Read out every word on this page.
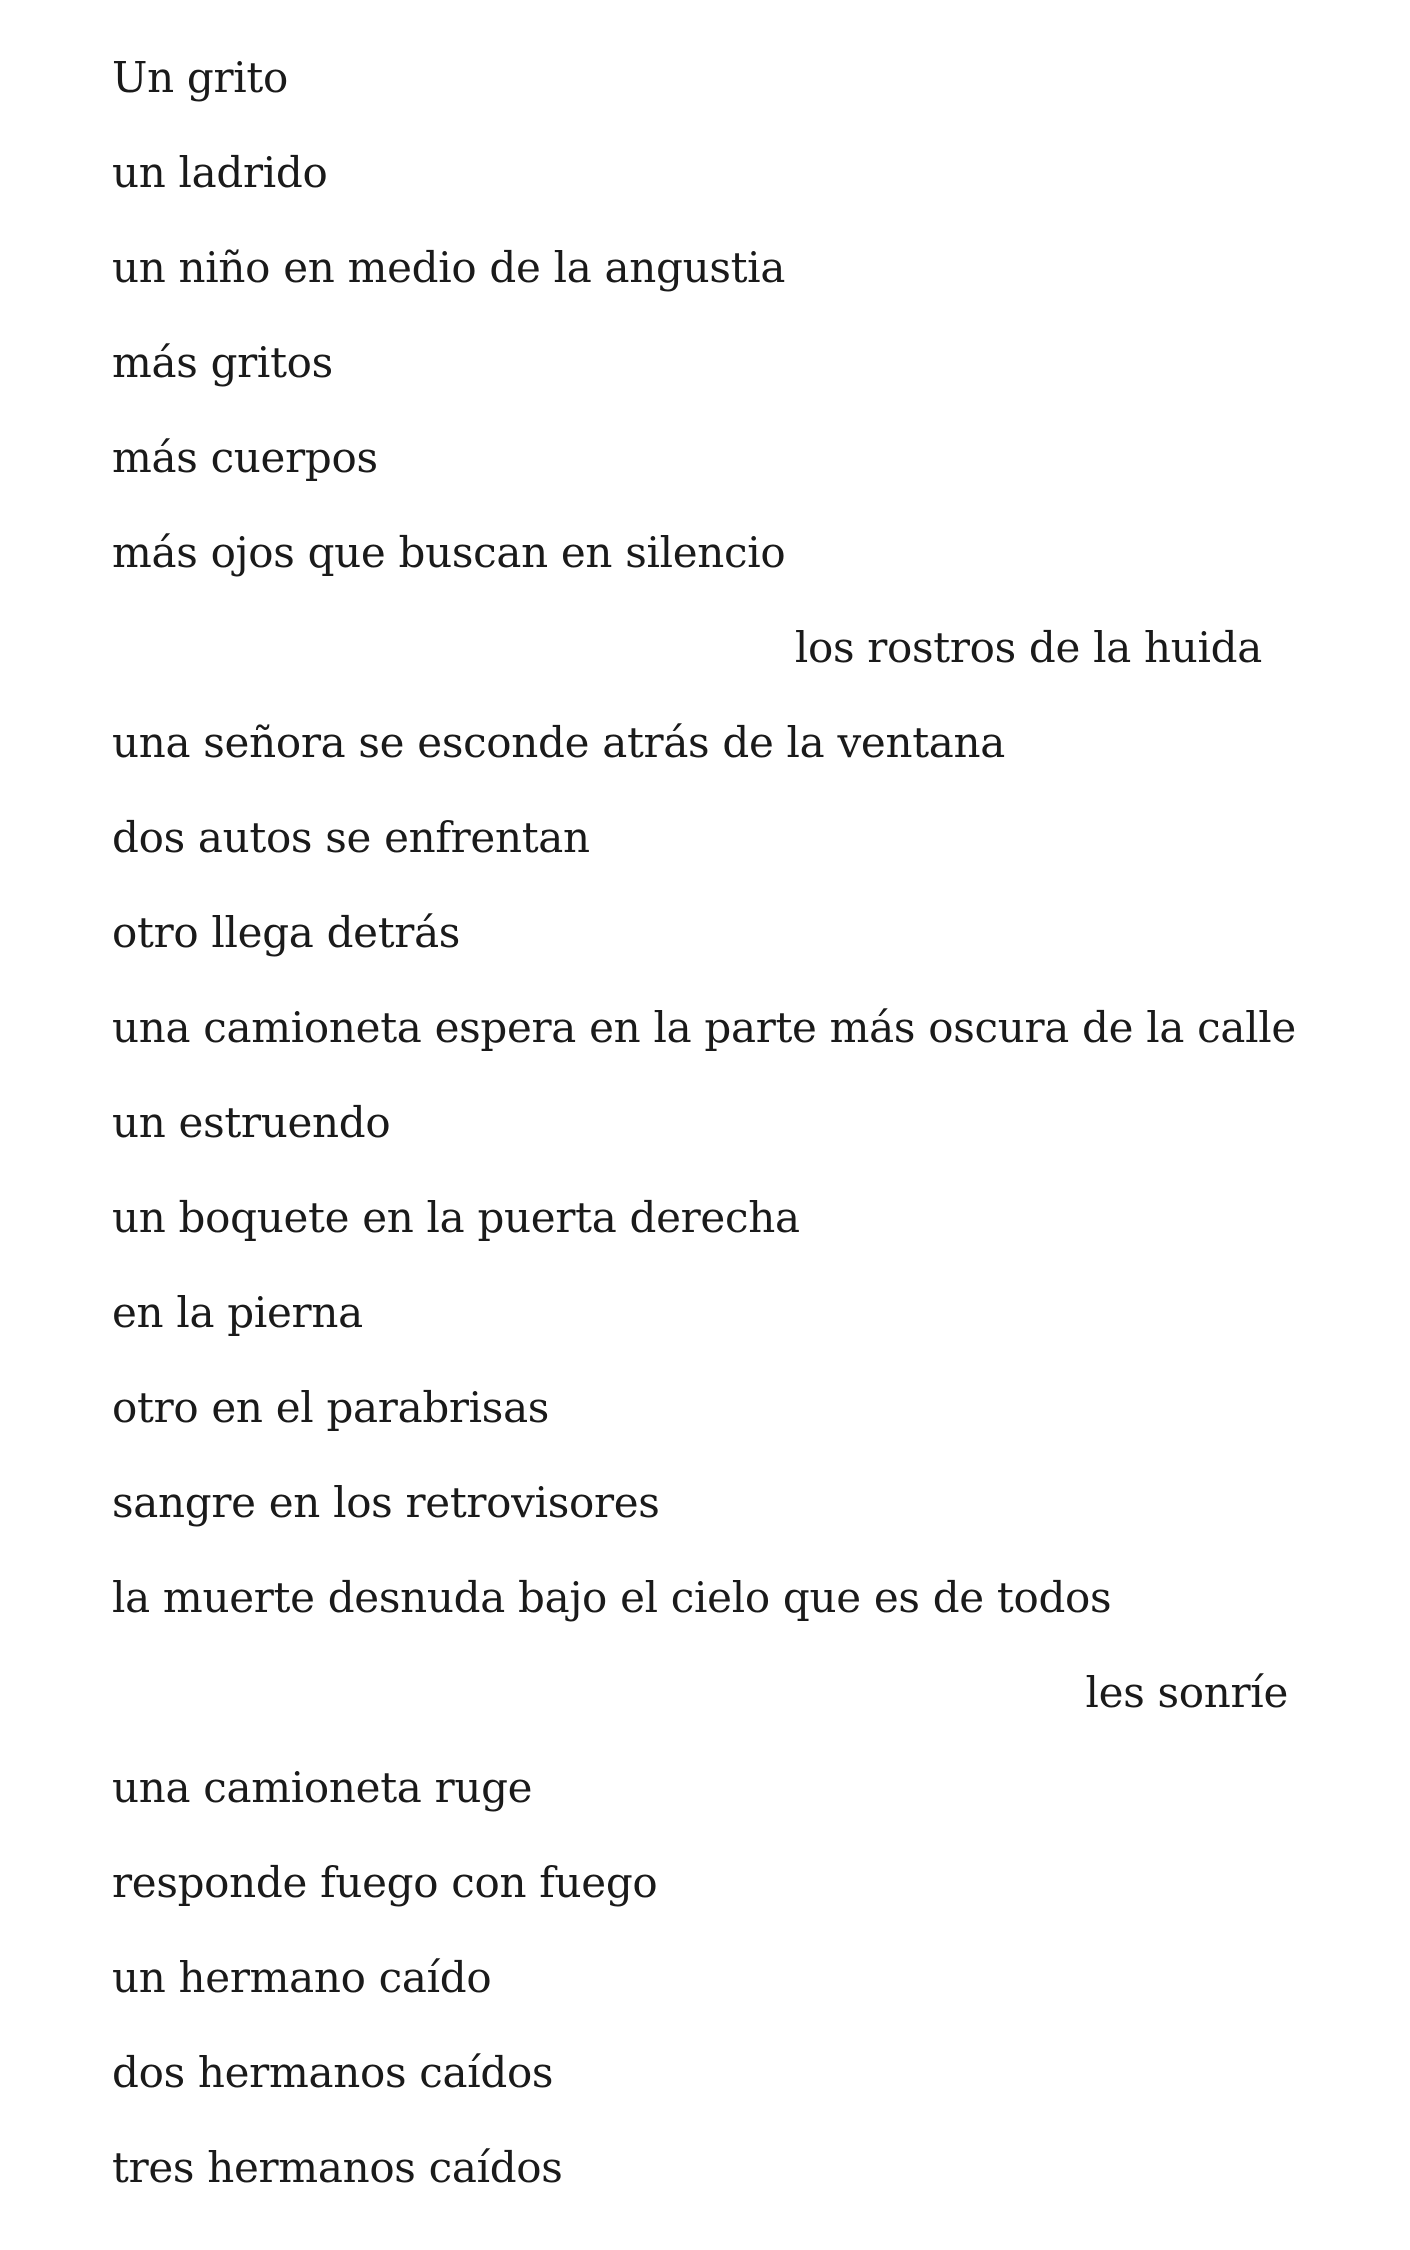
Un grito
un ladrido
un niño en medio de la angustia
más gritos
más cuerpos
más ojos que buscan en silencio
los rostros de la huida
una señora se esconde atrás de la ventana
dos autos se enfrentan
otro llega detrás
una camioneta espera en la parte más oscura de la calle
un estruendo
un boquete en la puerta derecha
en la pierna
otro en el parabrisas
sangre en los retrovisores
la muerte desnuda bajo el cielo que es de todos
les sonríe
una camioneta ruge
responde fuego con fuego
un hermano caído
dos hermanos caídos
tres hermanos caídos
